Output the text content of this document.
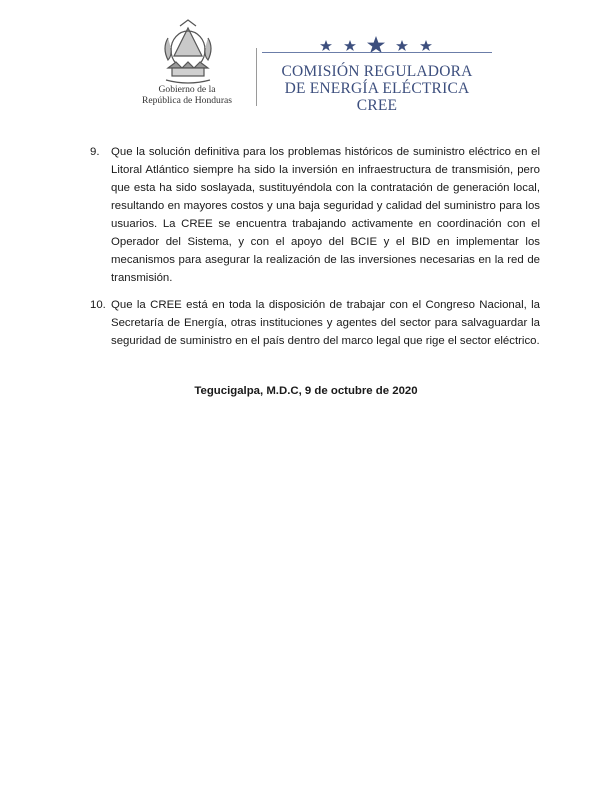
Gobierno de la
República de Honduras
COMISIÓN REGULADORA
DE ENERGÍA ELÉCTRICA
CREE
9. Que la solución definitiva para los problemas históricos de suministro eléctrico en el Litoral Atlántico siempre ha sido la inversión en infraestructura de transmisión, pero que esta ha sido soslayada, sustituyéndola con la contratación de generación local, resultando en mayores costos y una baja seguridad y calidad del suministro para los usuarios. La CREE se encuentra trabajando activamente en coordinación con el Operador del Sistema, y con el apoyo del BCIE y el BID en implementar los mecanismos para asegurar la realización de las inversiones necesarias en la red de transmisión.
10. Que la CREE está en toda la disposición de trabajar con el Congreso Nacional, la Secretaría de Energía, otras instituciones y agentes del sector para salvaguardar la seguridad de suministro en el país dentro del marco legal que rige el sector eléctrico.
Tegucigalpa, M.D.C, 9 de octubre de 2020
